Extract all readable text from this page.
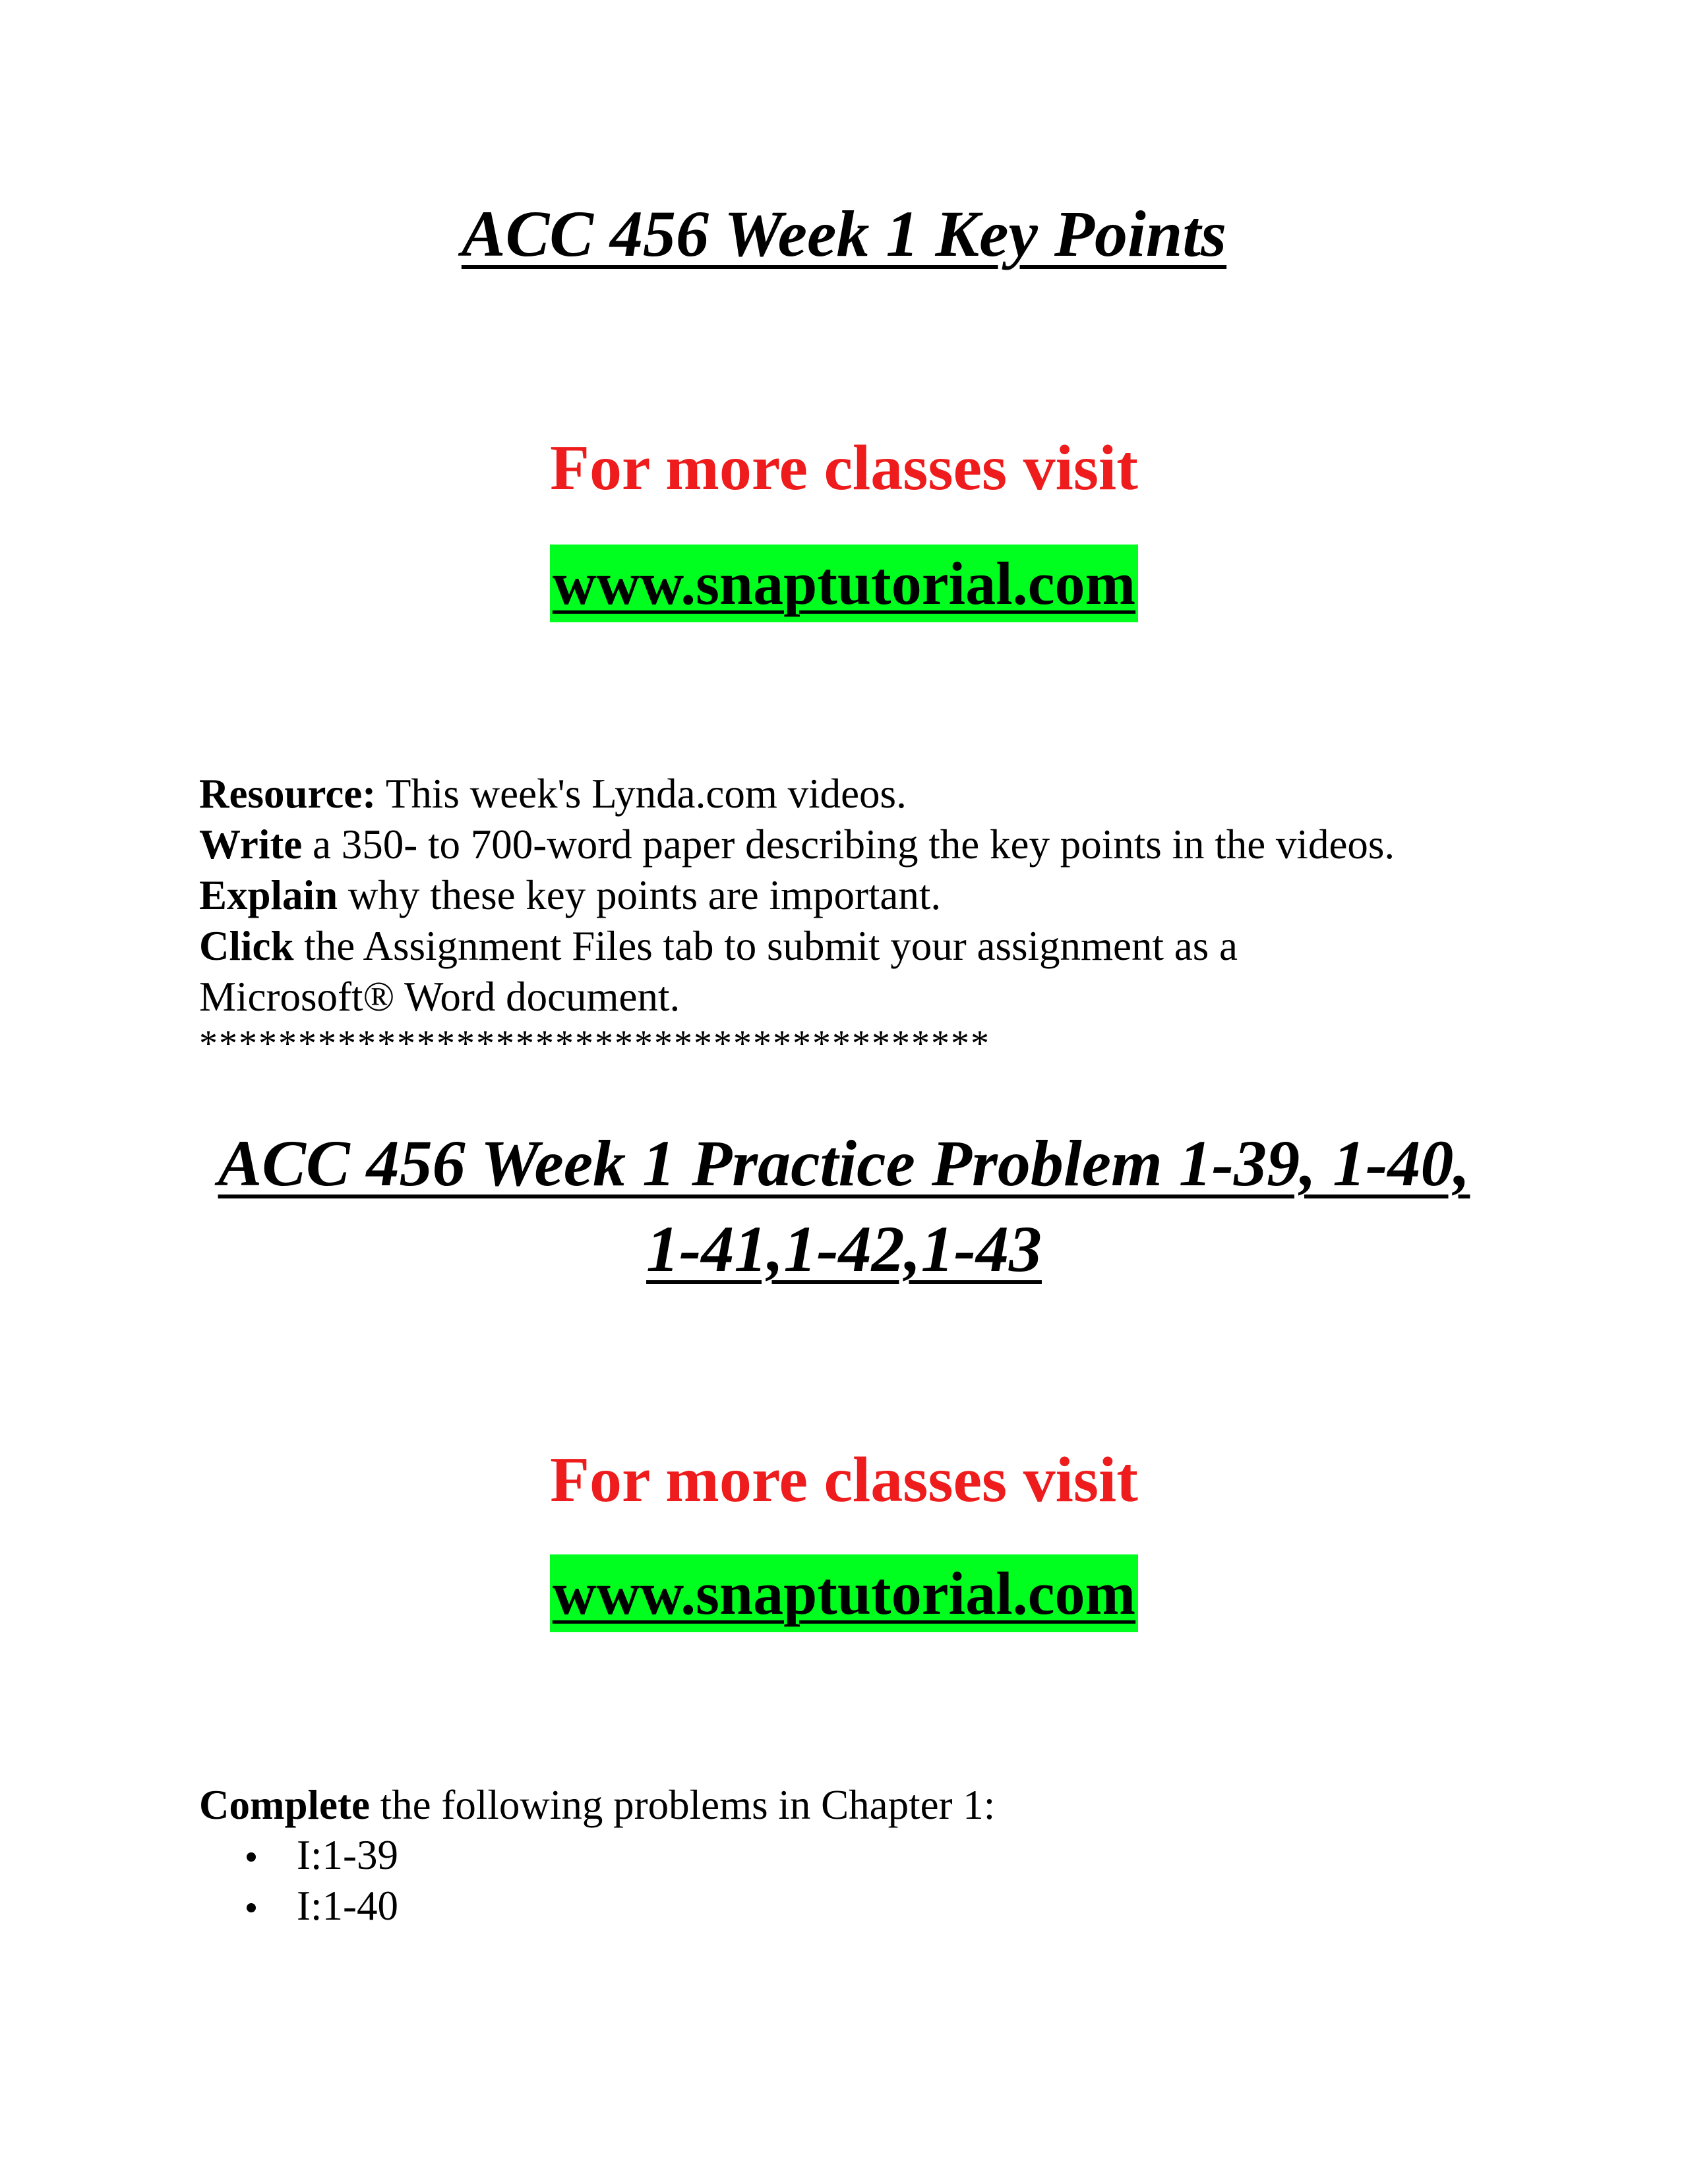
ACC 456 Week 1 Key Points

For more classes visit

www.snaptutorial.com
Resource: This week's Lynda.com videos.
Write a 350- to 700-word paper describing the key points in the videos.
Explain why these key points are important.
Click the Assignment Files tab to submit your assignment as a
Microsoft® Word document.
****************************************
ACC 456 Week 1 Practice Problem 1-39, 1-40, 1-41,1-42,1-43

For more classes visit

www.snaptutorial.com
Complete the following problems in Chapter 1:
I:1-39
I:1-40
